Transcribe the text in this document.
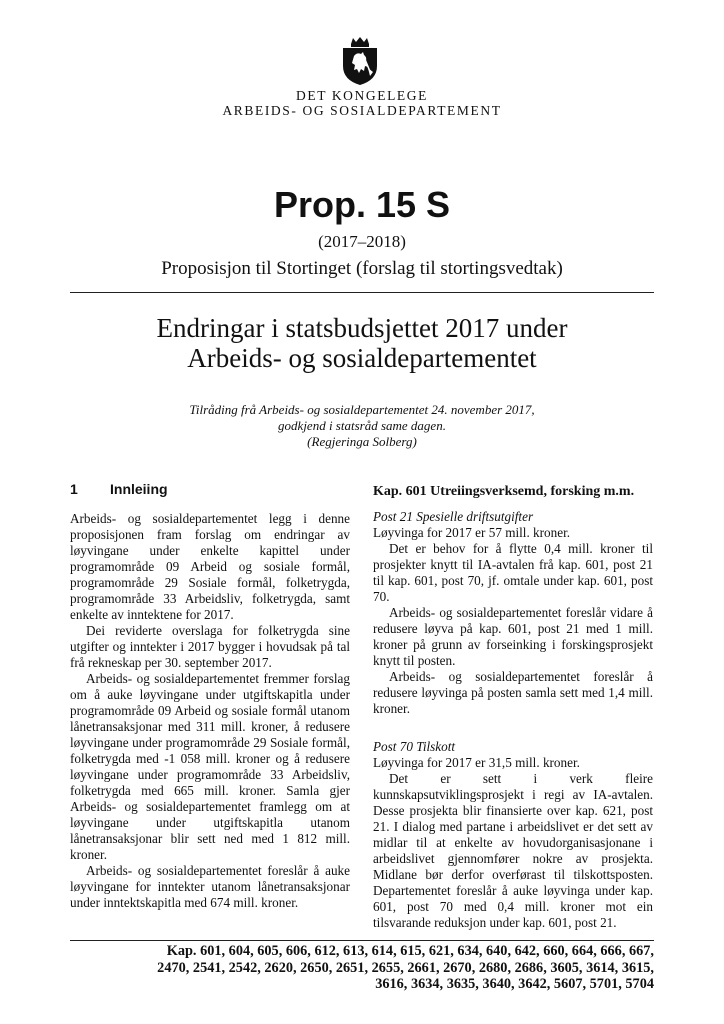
DET KONGELEGE
ARBEIDS- OG SOSIALDEPARTEMENT
Prop. 15 S
(2017–2018)
Proposisjon til Stortinget (forslag til stortingsvedtak)
Endringar i statsbudsjettet 2017 under
Arbeids- og sosialdepartementet
Tilråding frå Arbeids- og sosialdepartementet 24. november 2017,
godkjend i statsråd same dagen.
(Regjeringa Solberg)
1 Innleiing

Arbeids- og sosialdepartementet legg i denne proposisjonen fram forslag om endringar av løyvingane under enkelte kapittel under programområde 09 Arbeid og sosiale formål, programområde 29 Sosiale formål, folketrygda, programområde 33 Arbeidsliv, folketrygda, samt enkelte av inntektene for 2017.

Dei reviderte overslaga for folketrygda sine utgifter og inntekter i 2017 bygger i hovudsak på tal frå rekneskap per 30. september 2017.

Arbeids- og sosialdepartementet fremmer forslag om å auke løyvingane under utgiftskapitla under programområde 09 Arbeid og sosiale formål utanom lånetransaksjonar med 311 mill. kroner, å redusere løyvingane under programområde 29 Sosiale formål, folketrygda med -1 058 mill. kroner og å redusere løyvingane under programområde 33 Arbeidsliv, folketrygda med 665 mill. kroner. Samla gjer Arbeids- og sosialdepartementet framlegg om at løyvingane under utgiftskapitla utanom lånetransaksjonar blir sett ned med 1 812 mill. kroner.

Arbeids- og sosialdepartementet foreslår å auke løyvingane for inntekter utanom lånetransaksjonar under inntektskapitla med 674 mill. kroner.

Kap. 601 Utreiingsverksemd, forsking m.m.

Post 21 Spesielle driftsutgifter

Løyvinga for 2017 er 57 mill. kroner.

Det er behov for å flytte 0,4 mill. kroner til prosjekter knytt til IA-avtalen frå kap. 601, post 21 til kap. 601, post 70, jf. omtale under kap. 601, post 70.

Arbeids- og sosialdepartementet foreslår vidare å redusere løyva på kap. 601, post 21 med 1 mill. kroner på grunn av forseinking i forskingsprosjekt knytt til posten.

Arbeids- og sosialdepartementet foreslår å redusere løyvinga på posten samla sett med 1,4 mill. kroner.

Post 70 Tilskott

Løyvinga for 2017 er 31,5 mill. kroner.

Det er sett i verk fleire kunnskapsutviklingsprosjekt i regi av IA-avtalen. Desse prosjekta blir finansierte over kap. 621, post 21. I dialog med partane i arbeidslivet er det sett av midlar til at enkelte av hovudorganisasjonane i arbeidslivet gjennomfører nokre av prosjekta. Midlane bør derfor overførast til tilskottsposten. Departementet foreslår å auke løyvinga under kap. 601, post 70 med 0,4 mill. kroner mot ein tilsvarande reduksjon under kap. 601, post 21.

Kap. 601, 604, 605, 606, 612, 613, 614, 615, 621, 634, 640, 642, 660, 664, 666, 667,
2470, 2541, 2542, 2620, 2650, 2651, 2655, 2661, 2670, 2680, 2686, 3605, 3614, 3615,
3616, 3634, 3635, 3640, 3642, 5607, 5701, 5704
